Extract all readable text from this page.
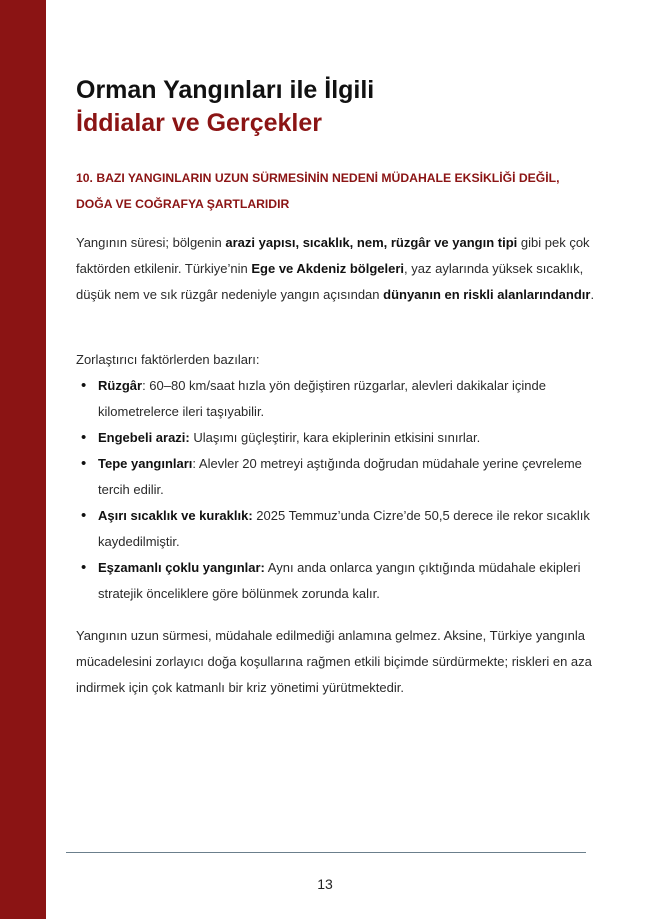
Orman Yangınları ile İlgili
İddialar ve Gerçekler
10. BAZI YANGINLARIN UZUN SÜRMESİNİN NEDENİ MÜDAHALE EKSİKLİĞİ DEĞİL, DOĞA VE COĞRAFYA ŞARTLARIDIR

Yangının süresi; bölgenin arazi yapısı, sıcaklık, nem, rüzgâr ve yangın tipi gibi pek çok faktörden etkilenir. Türkiye’nin Ege ve Akdeniz bölgeleri, yaz aylarında yüksek sıcaklık, düşük nem ve sık rüzgâr nedeniyle yangın açısından dünyanın en riskli alanlarındandır.

Zorlaştırıcı faktörlerden bazıları:

• Rüzgâr: 60–80 km/saat hızla yön değiştiren rüzgarlar, alevleri dakikalar içinde kilometrelerce ileri taşıyabilir.
• Engebeli arazi: Ulaşımı güçleştirir, kara ekiplerinin etkisini sınırlar.
• Tepe yangınları: Alevler 20 metreyi aştığında doğrudan müdahale yerine çevreleme tercih edilir.
• Aşırı sıcaklık ve kuraklık: 2025 Temmuz’unda Cizre’de 50,5 derece ile rekor sıcaklık kaydedilmiştir.
• Eşzamanlı çoklu yangınlar: Aynı anda onlarca yangın çıktığında müdahale ekipleri stratejik önceliklere göre bölünmek zorunda kalır.

Yangının uzun sürmesi, müdahale edilmediği anlamına gelmez. Aksine, Türkiye yangınla mücadelesini zorlayıcı doğa koşullarına rağmen etkili biçimde sürdürmekte; riskleri en aza indirmek için çok katmanlı bir kriz yönetimi yürütmektedir.

13
